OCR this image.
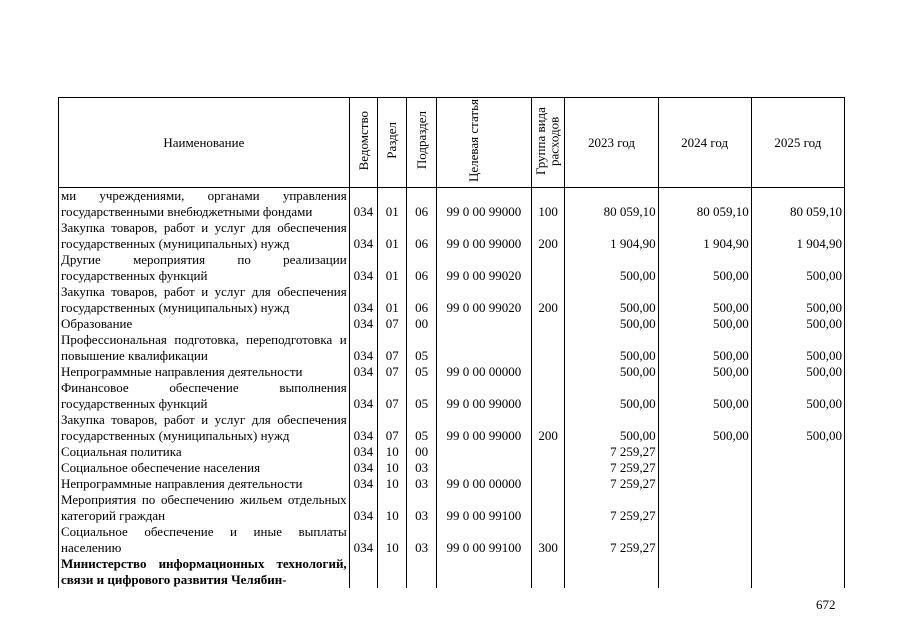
Наименование	Ведомство	Раздел	Подраздел	Целевая статья	Группа вида расходов	2023 год	2024 год	2025 год
ми учреждениями, органами управления государственными внебюджетными фондами	034	01	06	99 0 00 99000	100	80 059,10	80 059,10	80 059,10
Закупка товаров, работ и услуг для обеспечения государственных (муниципальных) нужд	034	01	06	99 0 00 99000	200	1 904,90	1 904,90	1 904,90
Другие мероприятия по реализации государственных функций	034	01	06	99 0 00 99020		500,00	500,00	500,00
Закупка товаров, работ и услуг для обеспечения государственных (муниципальных) нужд	034	01	06	99 0 00 99020	200	500,00	500,00	500,00
Образование	034	07	00			500,00	500,00	500,00
Профессиональная подготовка, переподготовка и повышение квалификации	034	07	05			500,00	500,00	500,00
Непрограммные направления деятельности	034	07	05	99 0 00 00000		500,00	500,00	500,00
Финансовое обеспечение выполнения государственных функций	034	07	05	99 0 00 99000		500,00	500,00	500,00
Закупка товаров, работ и услуг для обеспечения государственных (муниципальных) нужд	034	07	05	99 0 00 99000	200	500,00	500,00	500,00
Социальная политика	034	10	00			7 259,27		
Социальное обеспечение населения	034	10	03			7 259,27		
Непрограммные направления деятельности	034	10	03	99 0 00 00000		7 259,27		
Мероприятия по обеспечению жильем отдельных категорий граждан	034	10	03	99 0 00 99100		7 259,27		
Социальное обеспечение и иные выплаты населению	034	10	03	99 0 00 99100	300	7 259,27		
Министерство информационных технологий, связи и цифрового развития Челябин-								
672
